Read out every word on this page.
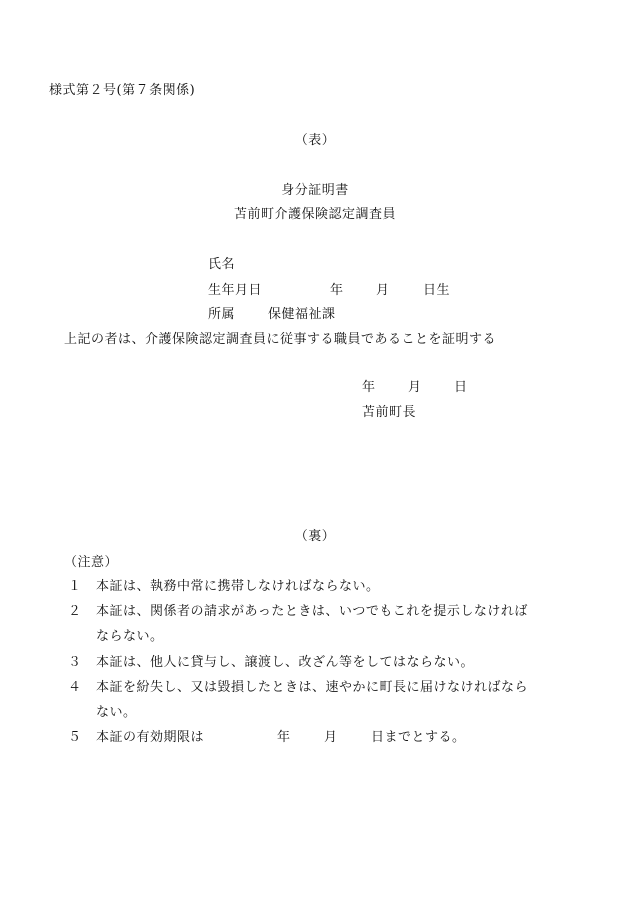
様式第２号(第７条関係)
（表）
身分証明書
苫前町介護保険認定調査員
氏名
生年月日	年 月	日生
所属	保健福祉課
上記の者は、介護保険認定調査員に従事する職員であることを証明する
年 月 日
苫前町長
（裏）
（注意）
１ 本証は、執務中常に携帯しなければならない。
２ 本証は、関係者の請求があったときは、いつでもこれを提示しなければ
ならない。
３ 本証は、他人に貸与し、譲渡し、改ざん等をしてはならない。
４ 本証を紛失し、又は毀損したときは、速やかに町長に届けなければなら
ない。
５ 本証の有効期限は	年	月	日までとする。
